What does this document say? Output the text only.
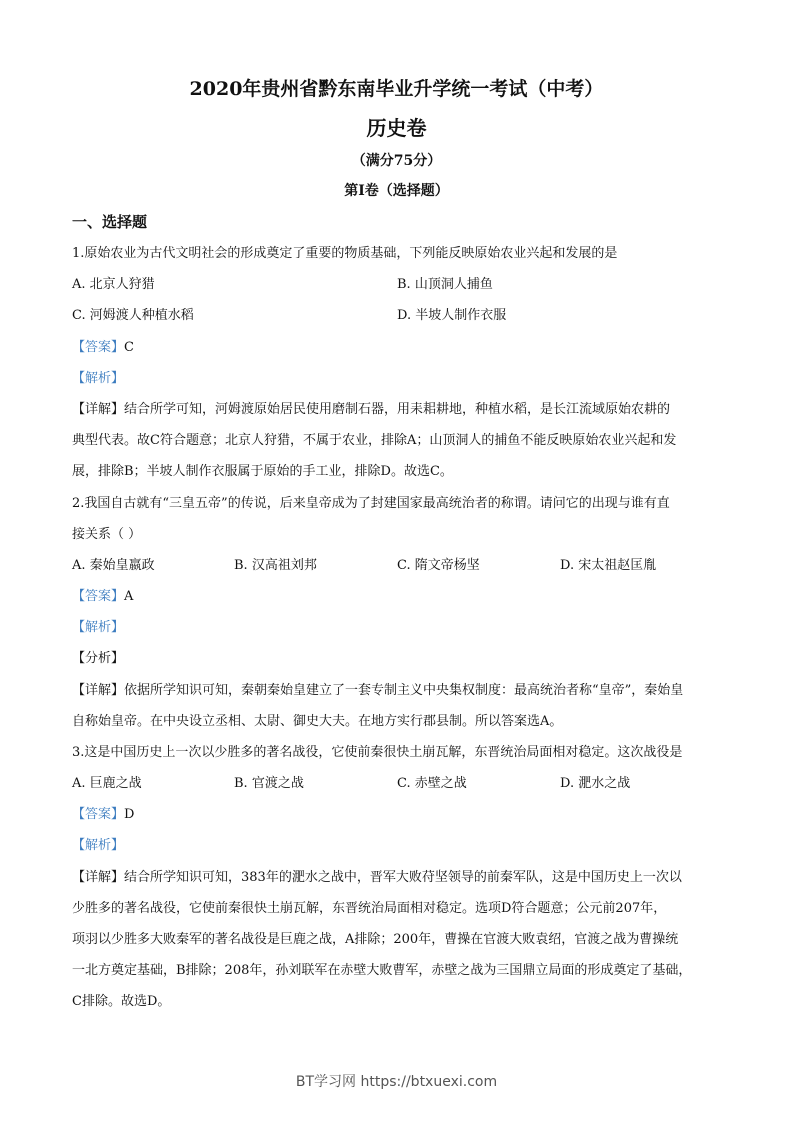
2020年贵州省黔东南毕业升学统一考试（中考）
历史卷
（满分75分）
第Ⅰ卷（选择题）
一、选择题
1.原始农业为古代文明社会的形成奠定了重要的物质基础，下列能反映原始农业兴起和发展的是
A. 北京人狩猎	B. 山顶洞人捕鱼
C. 河姆渡人种植水稻	D. 半坡人制作衣服
【答案】C
【解析】
【详解】结合所学可知，河姆渡原始居民使用磨制石器，用耒耜耕地，种植水稻，是长江流域原始农耕的
典型代表。故C符合题意；北京人狩猎，不属于农业，排除A；山顶洞人的捕鱼不能反映原始农业兴起和发
展，排除B；半坡人制作衣服属于原始的手工业，排除D。故选C。
2.我国自古就有“三皇五帝”的传说，后来皇帝成为了封建国家最高统治者的称谓。请问它的出现与谁有直
接关系（ ）
A. 秦始皇嬴政	B. 汉高祖刘邦	C. 隋文帝杨坚	D. 宋太祖赵匡胤
【答案】A
【解析】
【分析】
【详解】依据所学知识可知，秦朝秦始皇建立了一套专制主义中央集权制度：最高统治者称“皇帝”，秦始皇
自称始皇帝。在中央设立丞相、太尉、御史大夫。在地方实行郡县制。所以答案选A。
3.这是中国历史上一次以少胜多的著名战役，它使前秦很快土崩瓦解，东晋统治局面相对稳定。这次战役是
A. 巨鹿之战	B. 官渡之战	C. 赤壁之战	D. 淝水之战
【答案】D
【解析】
【详解】结合所学知识可知，383年的淝水之战中，晋军大败苻坚领导的前秦军队，这是中国历史上一次以
少胜多的著名战役，它使前秦很快土崩瓦解，东晋统治局面相对稳定。选项D符合题意；公元前207年，
项羽以少胜多大败秦军的著名战役是巨鹿之战，A排除；200年，曹操在官渡大败袁绍，官渡之战为曹操统
一北方奠定基础，B排除；208年，孙刘联军在赤壁大败曹军，赤壁之战为三国鼎立局面的形成奠定了基础，
C排除。故选D。
BT学习网 https://btxuexi.com
